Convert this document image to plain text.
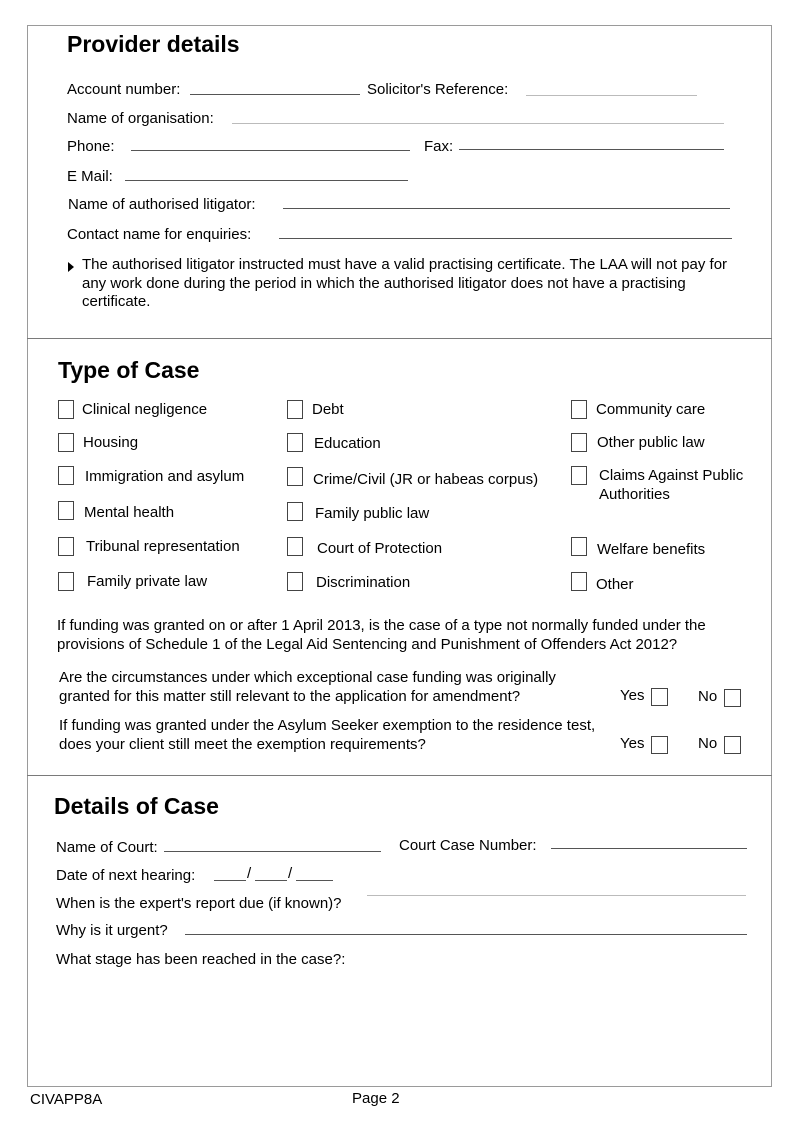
Provider details
Account number:	Solicitor's Reference:
Name of organisation:
Phone:	Fax:
E Mail:
Name of authorised litigator:
Contact name for enquiries:
The authorised litigator instructed must have a valid practising certificate. The LAA will not pay for any work done during the period in which the authorised litigator does not have a practising certificate.
Type of Case
Clinical negligence
Housing
Immigration and asylum
Mental health
Tribunal representation
Family private law
Debt
Education
Crime/Civil (JR or habeas corpus)
Family public law
Court of Protection
Discrimination
Community care
Other public law
Claims Against Public Authorities
Welfare benefits
Other
If funding was granted on or after 1 April 2013, is the case of a type not normally funded under the provisions of Schedule 1 of the Legal Aid Sentencing and Punishment of Offenders Act 2012?
Are the circumstances under which exceptional case funding was originally granted for this matter still relevant to the application for amendment?	Yes	No
If funding was granted under the Asylum Seeker exemption to the residence test, does your client still meet the exemption requirements?	Yes	No
Details of Case
Name of Court:	Court Case Number:
Date of next hearing:	/ /
When is the expert's report due (if known)?
Why is it urgent?
What stage has been reached in the case?:
CIVAPP8A	Page 2
